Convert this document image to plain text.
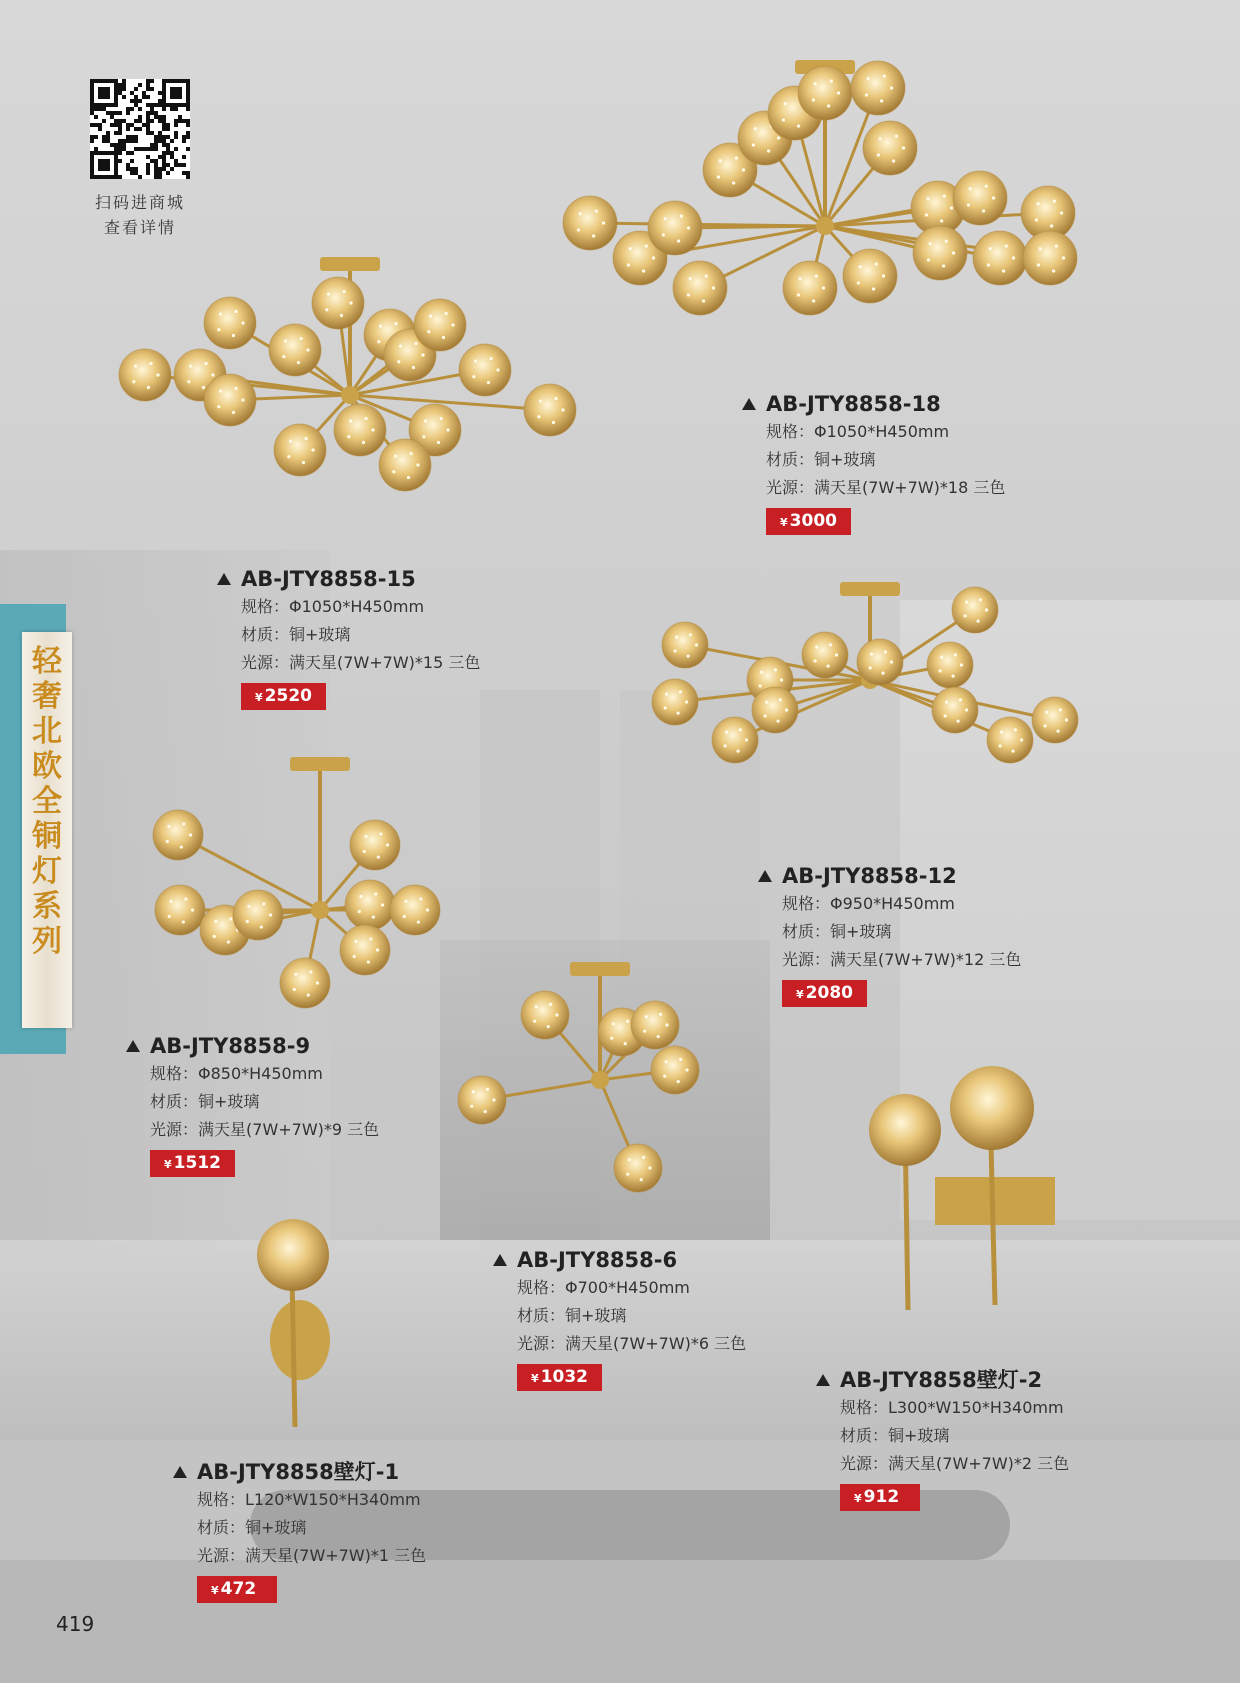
扫码进商城
查看详情
轻
奢
北
欧
全
铜
灯
系
列
AB-JTY8858-18
规格：Φ1050*H450mm
材质：铜+玻璃
光源：满天星(7W+7W)*18 三色
¥ 3000
AB-JTY8858-15
规格：Φ1050*H450mm
材质：铜+玻璃
光源：满天星(7W+7W)*15 三色
¥ 2520
AB-JTY8858-12
规格：Φ950*H450mm
材质：铜+玻璃
光源：满天星(7W+7W)*12 三色
¥ 2080
AB-JTY8858-9
规格：Φ850*H450mm
材质：铜+玻璃
光源：满天星(7W+7W)*9 三色
¥ 1512
AB-JTY8858-6
规格：Φ700*H450mm
材质：铜+玻璃
光源：满天星(7W+7W)*6 三色
¥ 1032	AB-JTY8858壁灯-2
规格：L300*W150*H340mm
材质：铜+玻璃
光源：满天星(7W+7W)*2 三色
¥ 912
AB-JTY8858壁灯-1
规格：L120*W150*H340mm
材质：铜+玻璃
光源：满天星(7W+7W)*1 三色
¥ 472
419
